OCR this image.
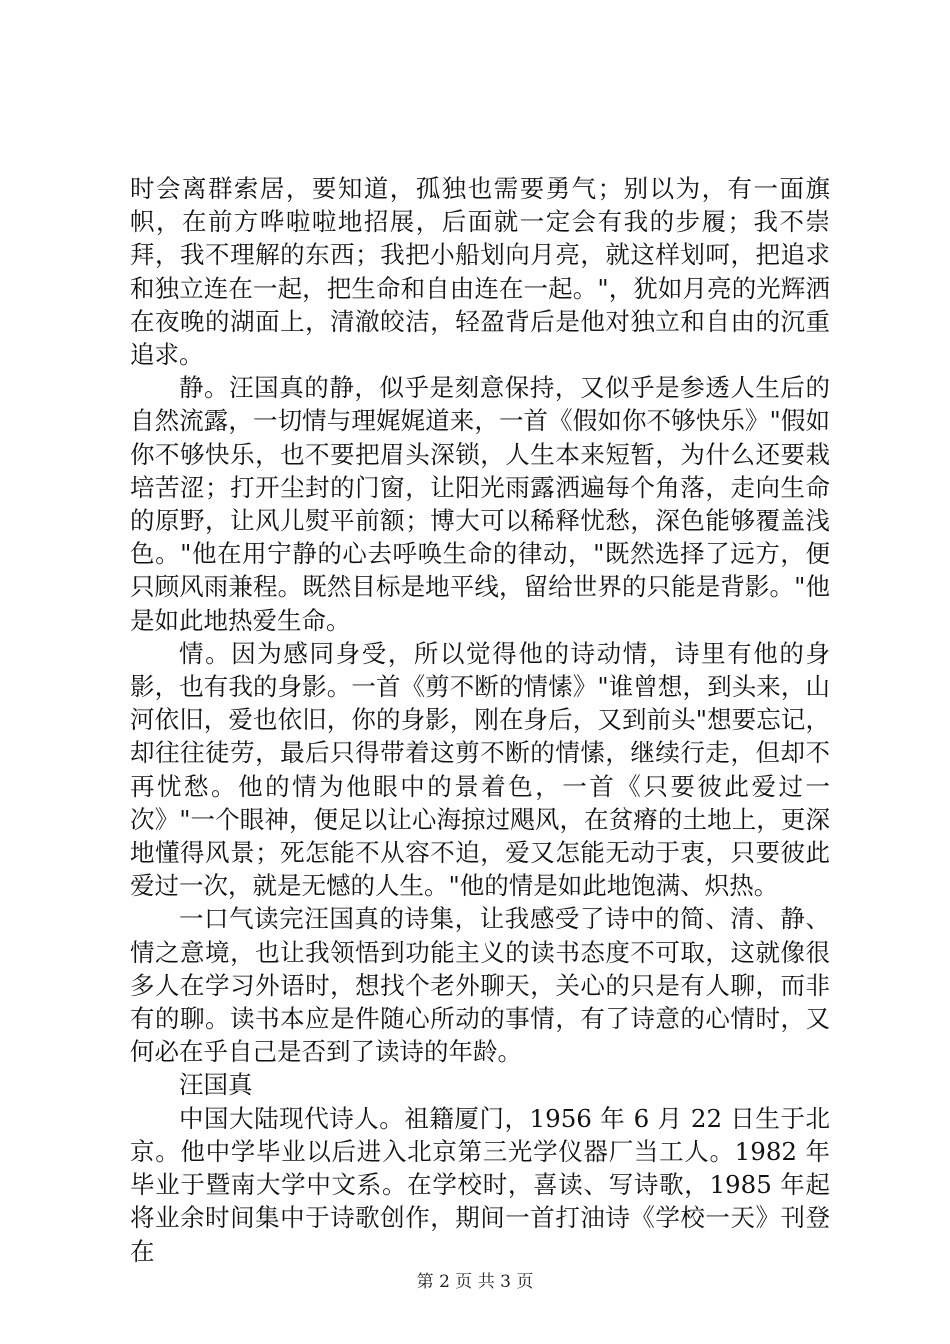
时会离群索居，要知道，孤独也需要勇气；别以为，有一面旗帜，在前方哗啦啦地招展，后面就一定会有我的步履；我不崇拜，我不理解的东西；我把小船划向月亮，就这样划呵，把追求和独立连在一起，把生命和自由连在一起。"，犹如月亮的光辉洒在夜晚的湖面上，清澈皎洁，轻盈背后是他对独立和自由的沉重追求。

静。汪国真的静，似乎是刻意保持，又似乎是参透人生后的自然流露，一切情与理娓娓道来，一首《假如你不够快乐》"假如你不够快乐，也不要把眉头深锁，人生本来短暂，为什么还要栽培苦涩；打开尘封的门窗，让阳光雨露洒遍每个角落，走向生命的原野，让风儿熨平前额；博大可以稀释忧愁，深色能够覆盖浅色。"他在用宁静的心去呼唤生命的律动，"既然选择了远方，便只顾风雨兼程。既然目标是地平线，留给世界的只能是背影。"他是如此地热爱生命。

情。因为感同身受，所以觉得他的诗动情，诗里有他的身影，也有我的身影。一首《剪不断的情愫》"谁曾想，到头来，山河依旧，爱也依旧，你的身影，刚在身后，又到前头"想要忘记，却往往徒劳，最后只得带着这剪不断的情愫，继续行走，但却不再忧愁。他的情为他眼中的景着色，一首《只要彼此爱过一次》"一个眼神，便足以让心海掠过飓风，在贫瘠的土地上，更深地懂得风景；死怎能不从容不迫，爱又怎能无动于衷，只要彼此爱过一次，就是无憾的人生。"他的情是如此地饱满、炽热。

一口气读完汪国真的诗集，让我感受了诗中的简、清、静、情之意境，也让我领悟到功能主义的读书态度不可取，这就像很多人在学习外语时，想找个老外聊天，关心的只是有人聊，而非有的聊。读书本应是件随心所动的事情，有了诗意的心情时，又何必在乎自己是否到了读诗的年龄。

汪国真

中国大陆现代诗人。祖籍厦门，1956 年 6 月 22 日生于北京。他中学毕业以后进入北京第三光学仪器厂当工人。1982 年毕业于暨南大学中文系。在学校时，喜读、写诗歌，1985 年起将业余时间集中于诗歌创作，期间一首打油诗《学校一天》刊登在

第 2 页 共 3 页
